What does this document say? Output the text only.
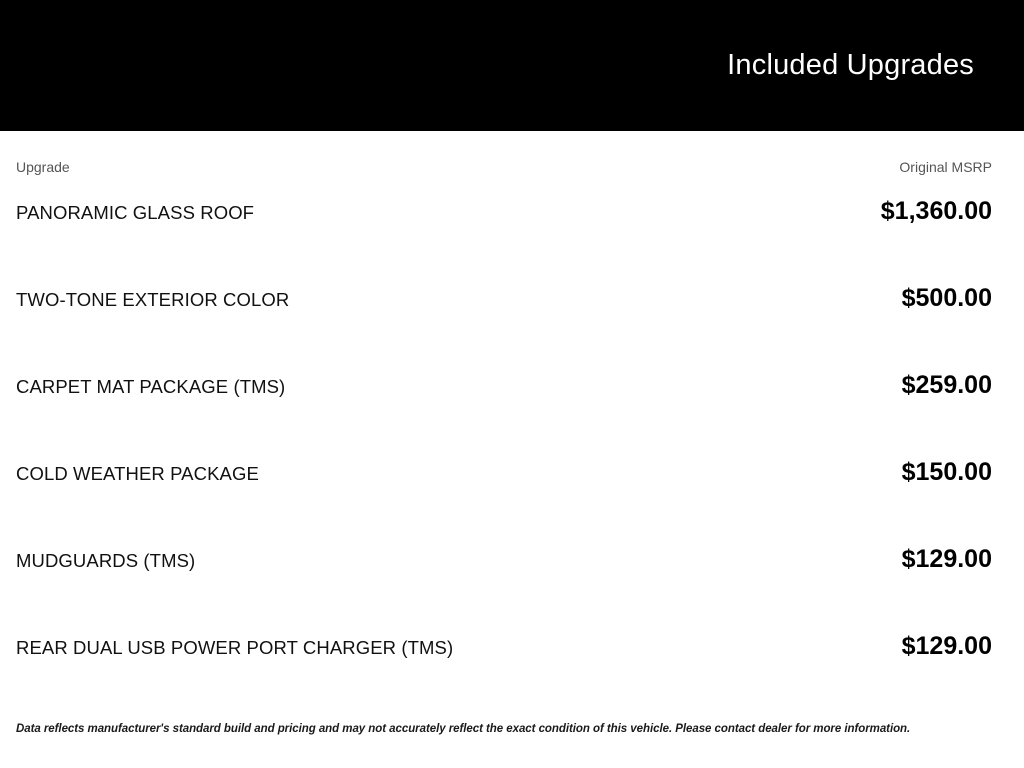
Included Upgrades
Upgrade	Original MSRP
PANORAMIC GLASS ROOF	$1,360.00
TWO-TONE EXTERIOR COLOR	$500.00
CARPET MAT PACKAGE (TMS)	$259.00
COLD WEATHER PACKAGE	$150.00
MUDGUARDS (TMS)	$129.00
REAR DUAL USB POWER PORT CHARGER (TMS)	$129.00
Data reflects manufacturer's standard build and pricing and may not accurately reflect the exact condition of this vehicle. Please contact dealer for more information.
